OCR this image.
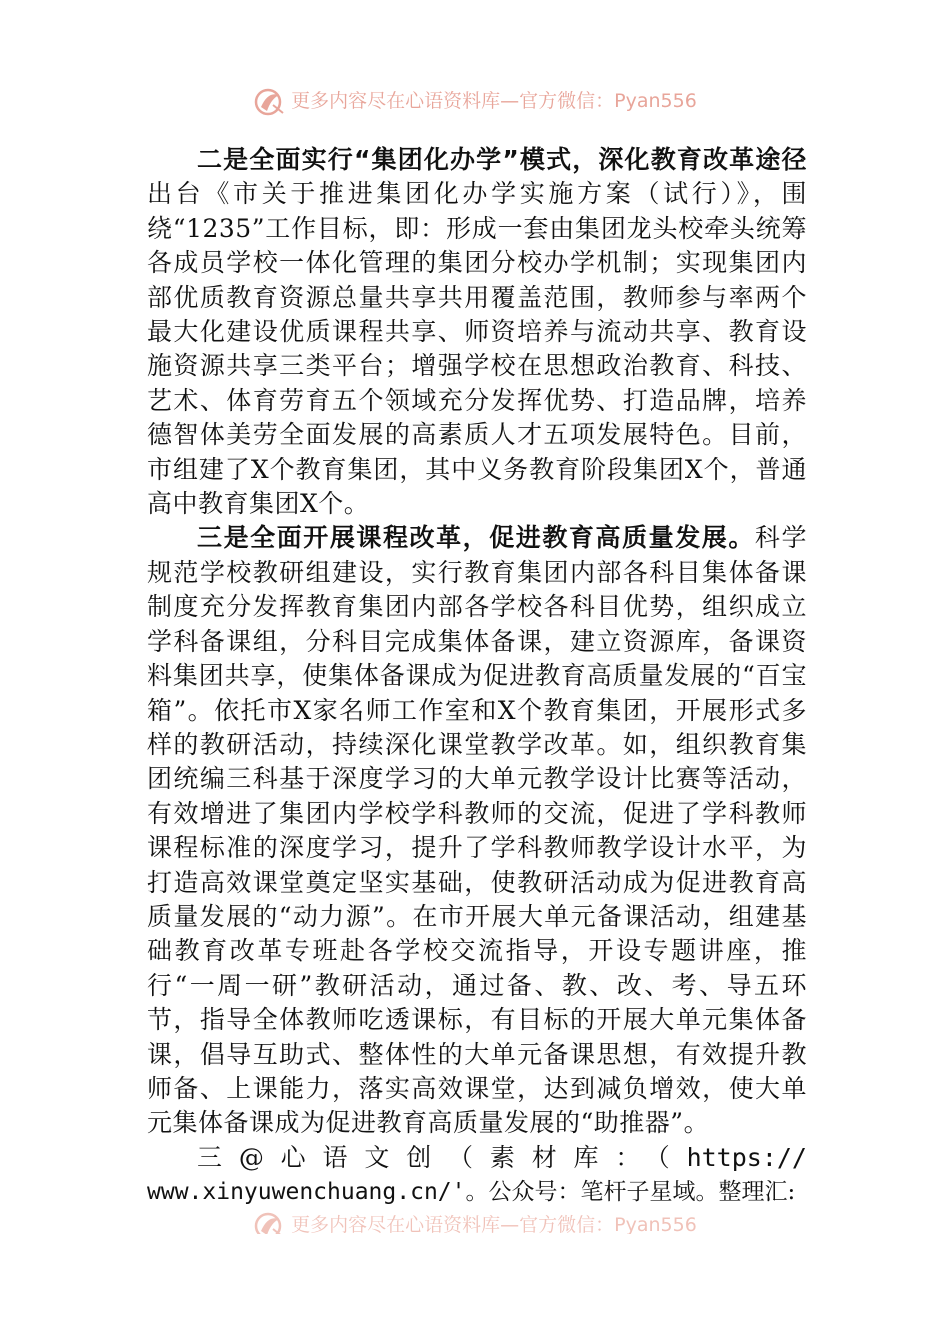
更多内容尽在心语资料库—官方微信：Pyan556

二是全面实行“集团化办学”模式，深化教育改革途径出台《市关于推进集团化办学实施方案（试行）》，围绕“1235”工作目标，即：形成一套由集团龙头校牵头统筹各成员学校一体化管理的集团分校办学机制；实现集团内部优质教育资源总量共享共用覆盖范围，教师参与率两个最大化建设优质课程共享、师资培养与流动共享、教育设施资源共享三类平台；增强学校在思想政治教育、科技、艺术、体育劳育五个领域充分发挥优势、打造品牌，培养德智体美劳全面发展的高素质人才五项发展特色。目前，市组建了X个教育集团，其中义务教育阶段集团X个，普通高中教育集团X个。

三是全面开展课程改革，促进教育高质量发展。科学规范学校教研组建设，实行教育集团内部各科目集体备课制度充分发挥教育集团内部各学校各科目优势，组织成立学科备课组，分科目完成集体备课，建立资源库，备课资料集团共享，使集体备课成为促进教育高质量发展的“百宝箱”。依托市X家名师工作室和X个教育集团，开展形式多样的教研活动，持续深化课堂教学改革。如，组织教育集团统编三科基于深度学习的大单元教学设计比赛等活动，有效增进了集团内学校学科教师的交流，促进了学科教师课程标准的深度学习，提升了学科教师教学设计水平，为打造高效课堂奠定坚实基础，使教研活动成为促进教育高质量发展的“动力源”。在市开展大单元备课活动，组建基础教育改革专班赴各学校交流指导，开设专题讲座，推行“一周一研”教研活动，通过备、教、改、考、导五环节，指导全体教师吃透课标，有目标的开展大单元集体备课，倡导互助式、整体性的大单元备课思想，有效提升教师备、上课能力，落实高效课堂，达到减负增效，使大单元集体备课成为促进教育高质量发展的“助推器”。

三@心语文创（素材库：（https://

www.xinyuwenchuang.cn/'。公众号：笔杆子星域。整理汇:

更多内容尽在心语资料库—官方微信：Pyan556
